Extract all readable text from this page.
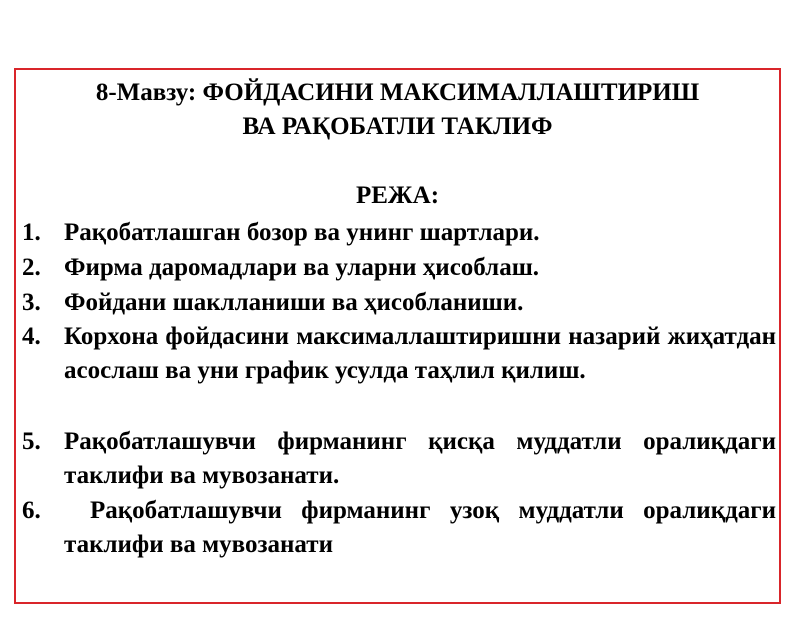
8-Мавзу: ФОЙДАСИНИ МАКСИМАЛЛАШТИРИШ
ВА РАҚОБАТЛИ ТАКЛИФ
РЕЖА:
1. Рақобатлашган бозор ва унинг шартлари.
2. Фирма даромадлари ва уларни ҳисоблаш.
3. Фойдани шаклланиши ва ҳисобланиши.
4. Корхона фойдасини максималлаштиришни назарий жиҳатдан асослаш ва уни график усулда таҳлил қилиш.
5. Рақобатлашувчи фирманинг қисқа муддатли оралиқдаги таклифи ва мувозанати.
6.	Рақобатлашувчи фирманинг узоқ муддатли оралиқдаги таклифи ва мувозанати
